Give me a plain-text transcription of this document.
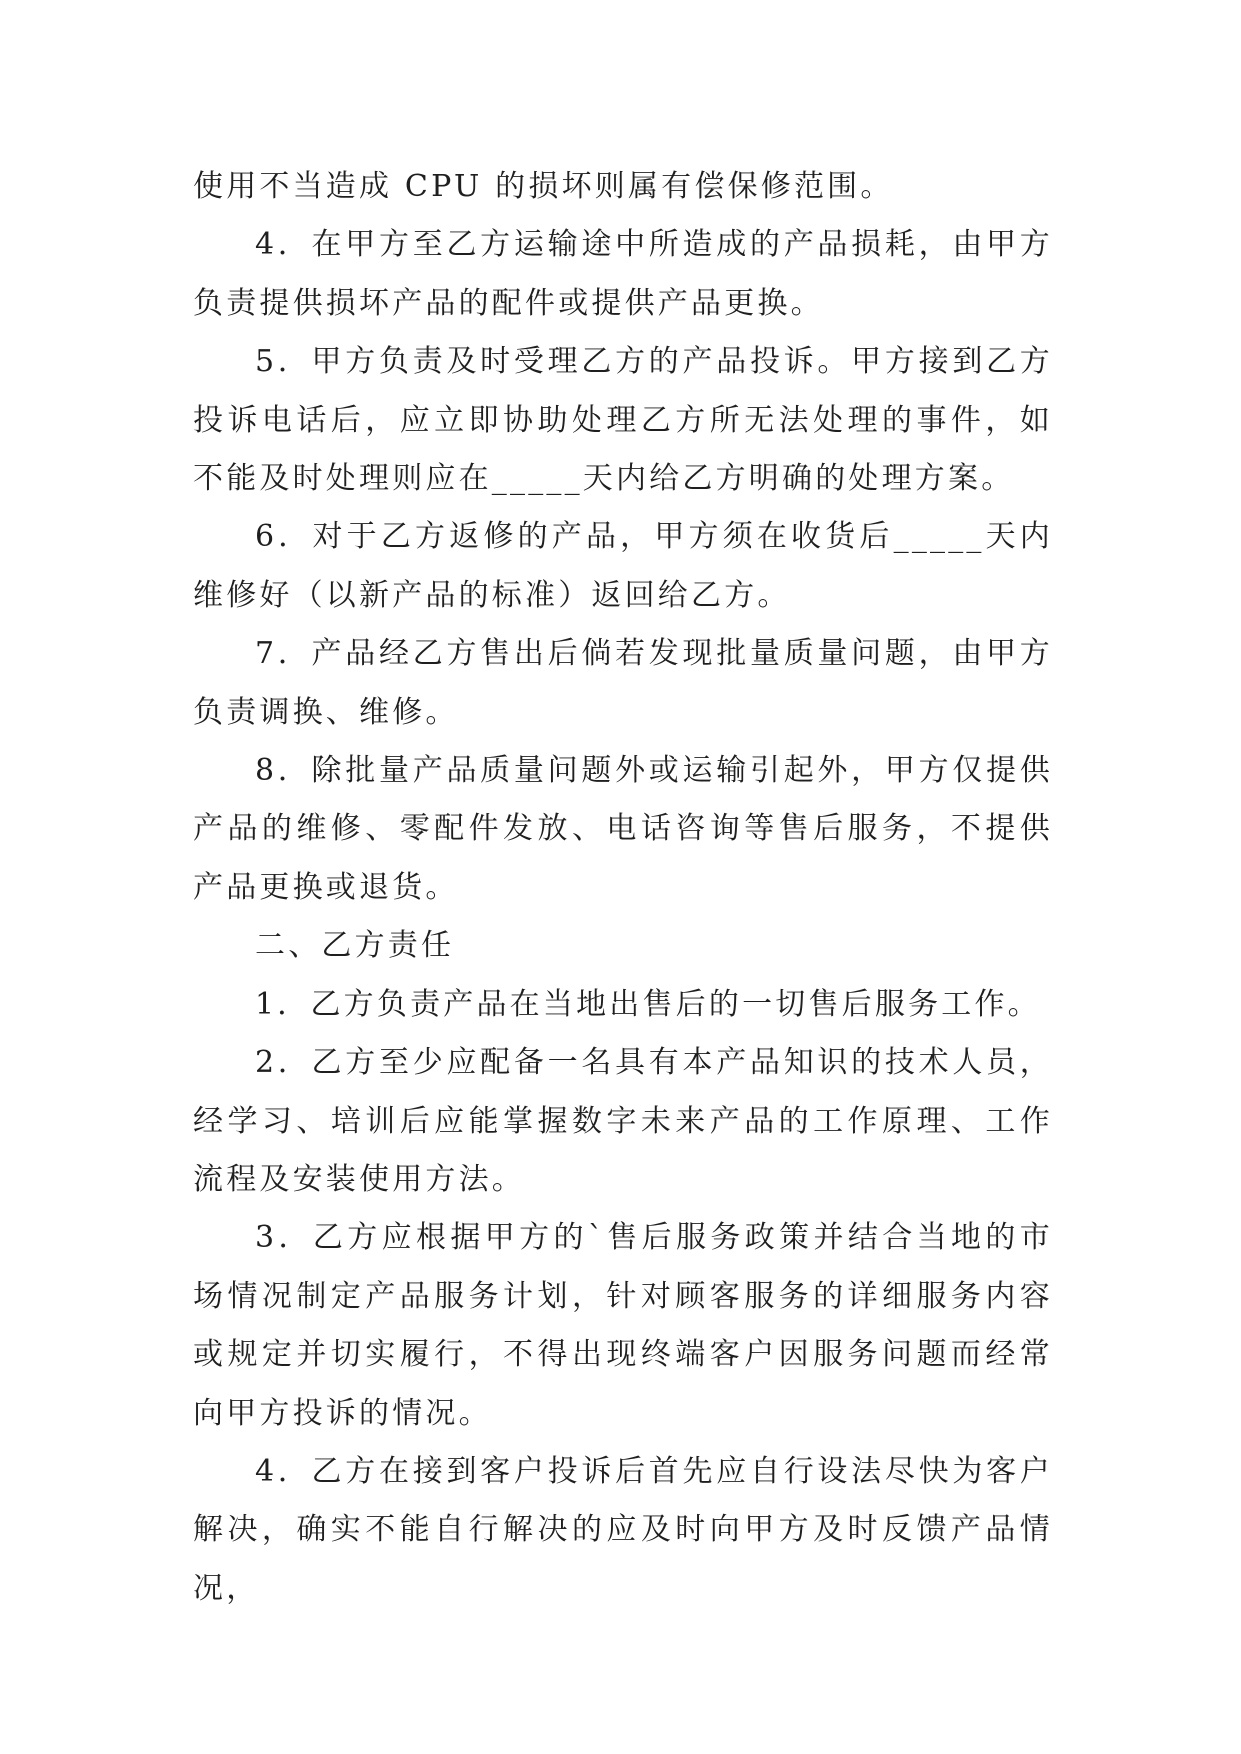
使用不当造成 CPU 的损坏则属有偿保修范围。

4．在甲方至乙方运输途中所造成的产品损耗，由甲方负责提供损坏产品的配件或提供产品更换。

5．甲方负责及时受理乙方的产品投诉。甲方接到乙方投诉电话后，应立即协助处理乙方所无法处理的事件，如不能及时处理则应在_____天内给乙方明确的处理方案。

6．对于乙方返修的产品，甲方须在收货后_____天内维修好（以新产品的标准）返回给乙方。

7．产品经乙方售出后倘若发现批量质量问题，由甲方负责调换、维修。

8．除批量产品质量问题外或运输引起外，甲方仅提供产品的维修、零配件发放、电话咨询等售后服务，不提供产品更换或退货。

二、乙方责任

1．乙方负责产品在当地出售后的一切售后服务工作。

2．乙方至少应配备一名具有本产品知识的技术人员，经学习、培训后应能掌握数字未来产品的工作原理、工作流程及安装使用方法。

3．乙方应根据甲方的`售后服务政策并结合当地的市场情况制定产品服务计划，针对顾客服务的详细服务内容或规定并切实履行，不得出现终端客户因服务问题而经常向甲方投诉的情况。

4．乙方在接到客户投诉后首先应自行设法尽快为客户解决，确实不能自行解决的应及时向甲方及时反馈产品情况，
